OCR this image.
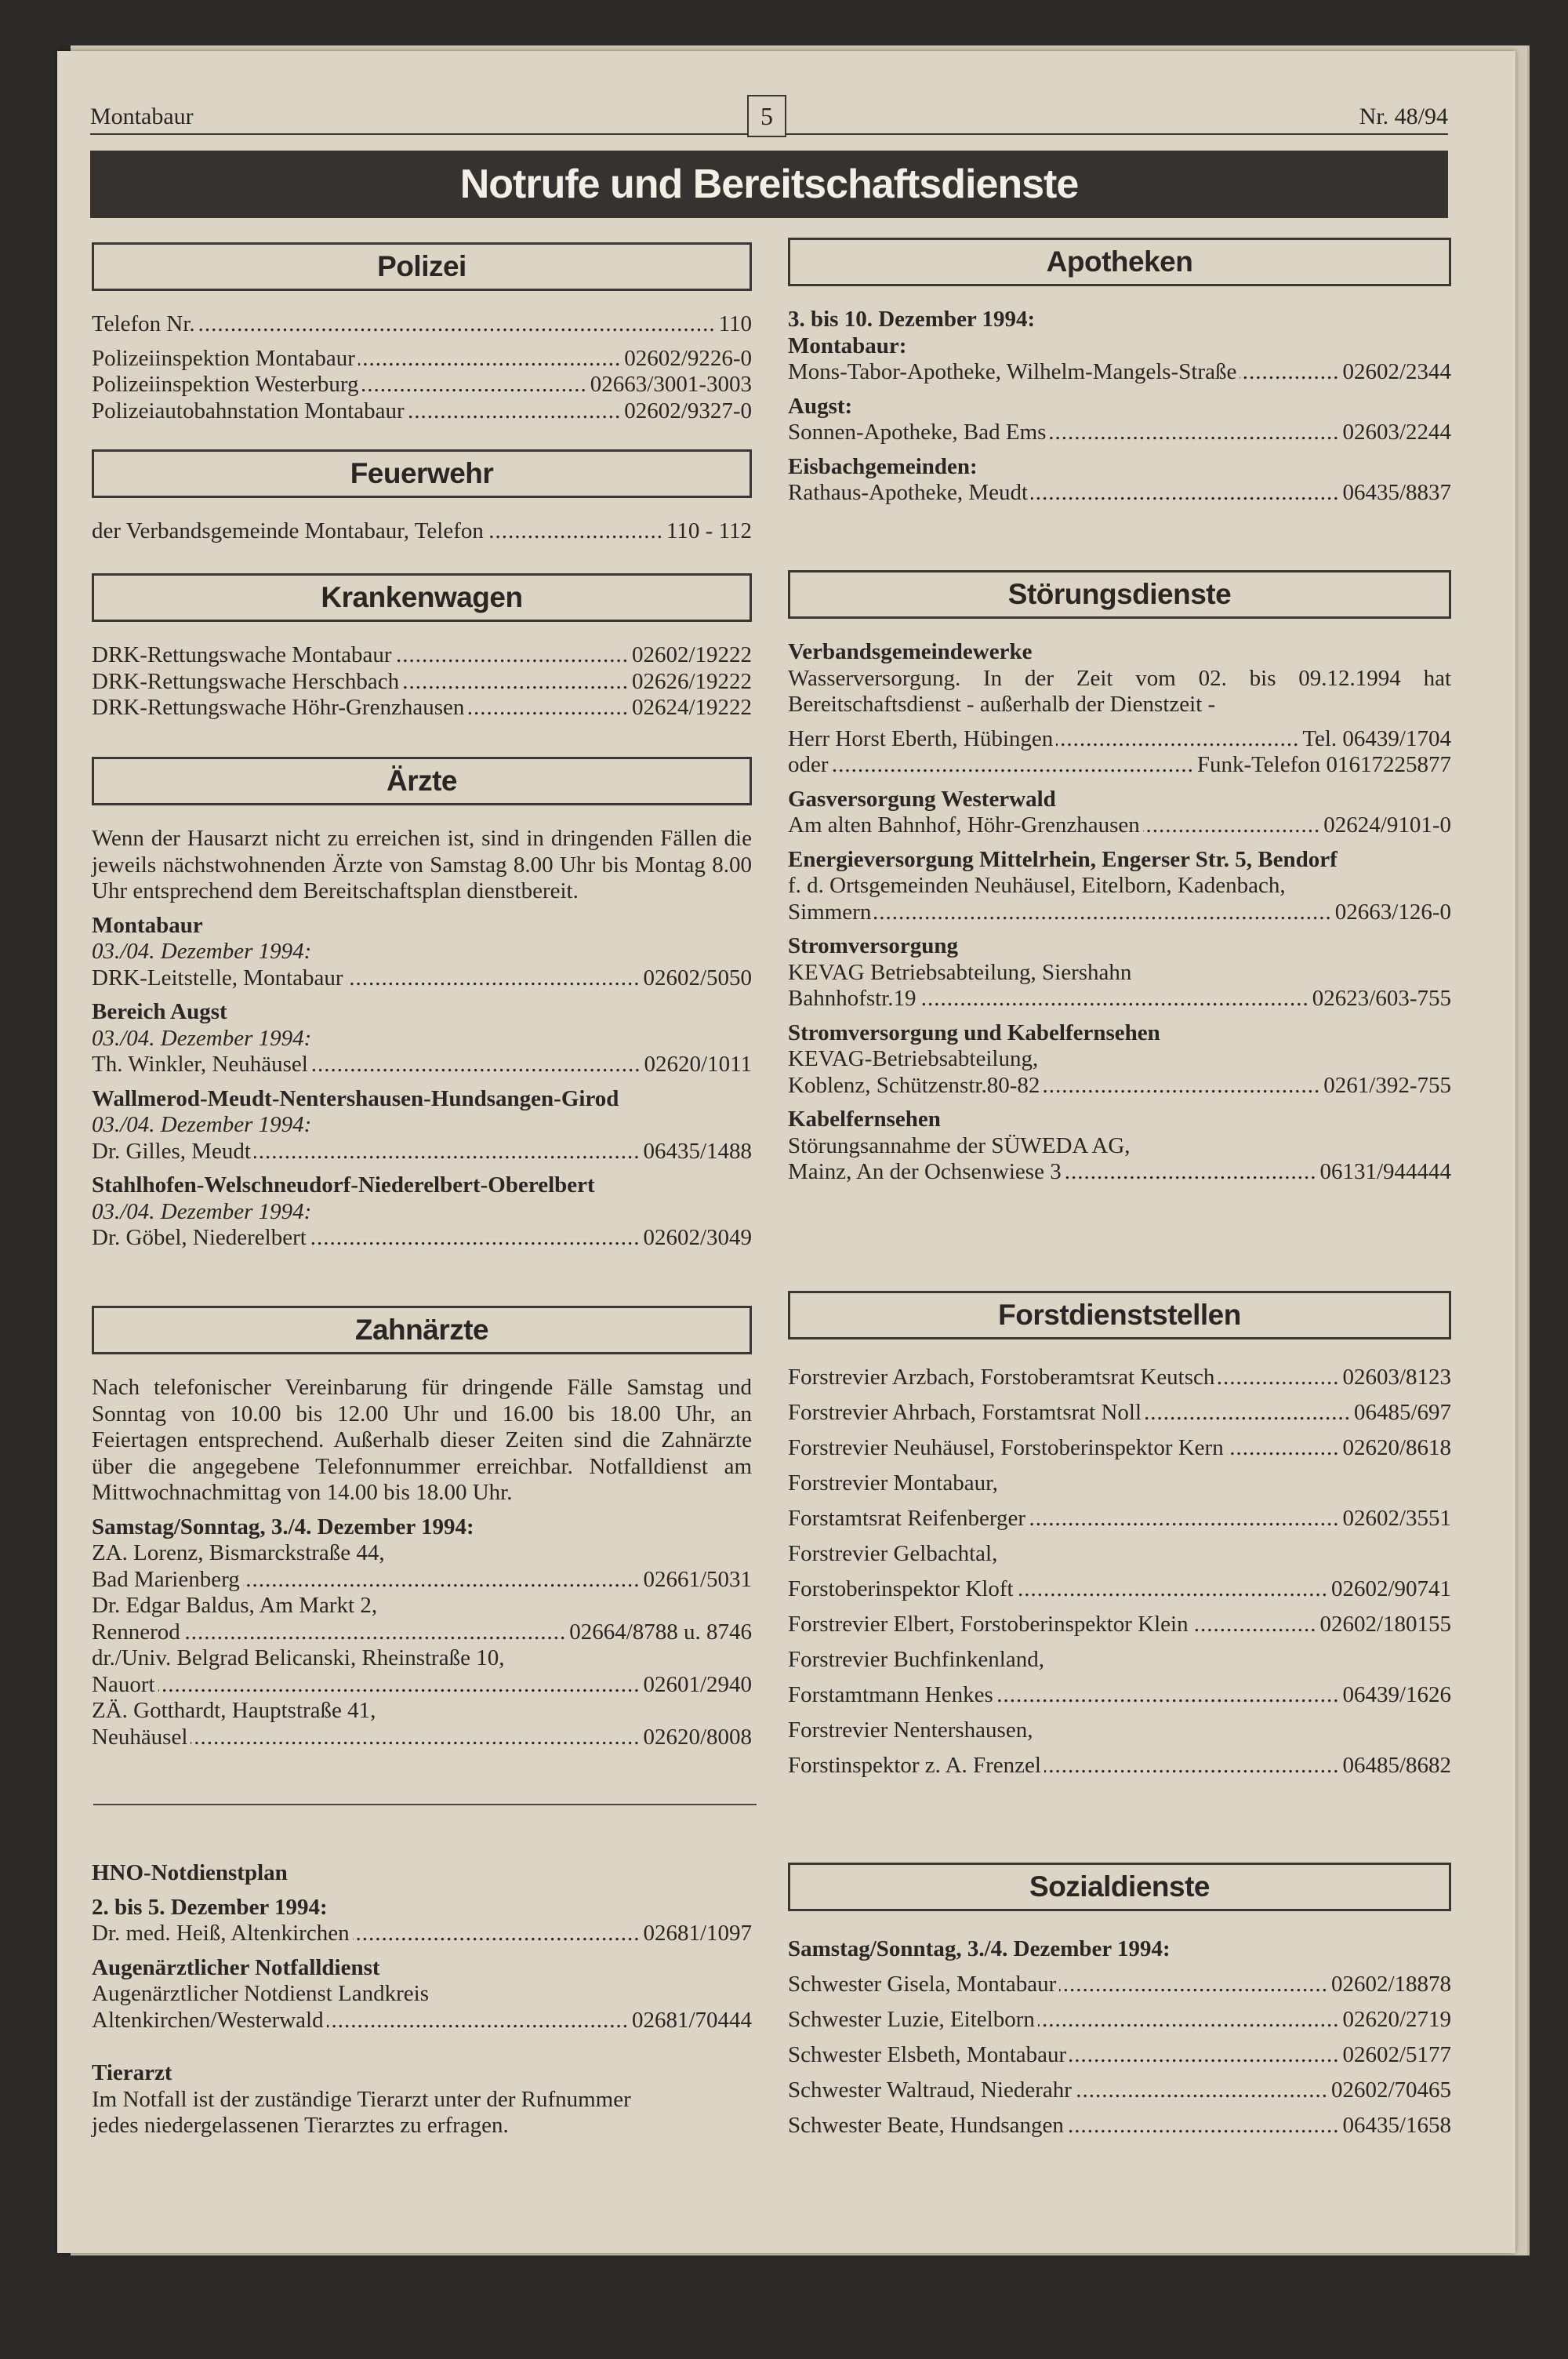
Montabaur	5	Nr. 48/94
Notrufe und Bereitschaftsdienste
Polizei
Telefon Nr. .....	110
Polizeiinspektion Montabaur .....	02602/9226-0
Polizeiinspektion Westerburg .....	02663/3001-3003
Polizeiautobahnstation Montabaur .....	02602/9327-0
Feuerwehr
der Verbandsgemeinde Montabaur, Telefon .....	110 - 112
Krankenwagen
DRK-Rettungswache Montabaur .....	02602/19222
DRK-Rettungswache Herschbach .....	02626/19222
DRK-Rettungswache Höhr-Grenzhausen .....	02624/19222
Ärzte
Wenn der Hausarzt nicht zu erreichen ist, sind in dringenden Fällen die jeweils nächstwohnenden Ärzte von Samstag 8.00 Uhr bis Montag 8.00 Uhr entsprechend dem Bereitschaftsplan dienstbereit.
Montabaur
03./04. Dezember 1994:
DRK-Leitstelle, Montabaur .....	02602/5050
Bereich Augst
03./04. Dezember 1994:
Th. Winkler, Neuhäusel .....	02620/1011
Wallmerod-Meudt-Nentershausen-Hundsangen-Girod
03./04. Dezember 1994:
Dr. Gilles, Meudt .....	06435/1488
Stahlhofen-Welschneudorf-Niederelbert-Oberelbert
03./04. Dezember 1994:
Dr. Göbel, Niederelbert .....	02602/3049
Zahnärzte
Nach telefonischer Vereinbarung für dringende Fälle Samstag und Sonntag von 10.00 bis 12.00 Uhr und 16.00 bis 18.00 Uhr, an Feiertagen entsprechend. Außerhalb dieser Zeiten sind die Zahnärzte über die angegebene Telefonnummer erreichbar. Notfalldienst am Mittwochnachmittag von 14.00 bis 18.00 Uhr.
Samstag/Sonntag, 3./4. Dezember 1994:
ZA. Lorenz, Bismarckstraße 44,
Bad Marienberg .....	02661/5031
Dr. Edgar Baldus, Am Markt 2,
Rennerod .....	02664/8788 u. 8746
dr./Univ. Belgrad Belicanski, Rheinstraße 10,
Nauort .....	02601/2940
ZÄ. Gotthardt, Hauptstraße 41,
Neuhäusel .....	02620/8008
HNO-Notdienstplan
2. bis 5. Dezember 1994:
Dr. med. Heiß, Altenkirchen .....	02681/1097
Augenärztlicher Notfalldienst
Augenärztlicher Notdienst Landkreis
Altenkirchen/Westerwald .....	02681/70444
Tierarzt
Im Notfall ist der zuständige Tierarzt unter der Rufnummer
jedes niedergelassenen Tierarztes zu erfragen.
Apotheken
3. bis 10. Dezember 1994:
Montabaur:
Mons-Tabor-Apotheke, Wilhelm-Mangels-Straße .....	02602/2344
Augst:
Sonnen-Apotheke, Bad Ems .....	02603/2244
Eisbachgemeinden:
Rathaus-Apotheke, Meudt .....	06435/8837
Störungsdienste
Verbandsgemeindewerke
Wasserversorgung. In der Zeit vom 02. bis 09.12.1994 hat Bereitschaftsdienst - außerhalb der Dienstzeit -
Herr Horst Eberth, Hübingen .....	Tel. 06439/1704
oder .....	Funk-Telefon 01617225877
Gasversorgung Westerwald
Am alten Bahnhof, Höhr-Grenzhausen .....	02624/9101-0
Energieversorgung Mittelrhein, Engerser Str. 5, Bendorf
f. d. Ortsgemeinden Neuhäusel, Eitelborn, Kadenbach,
Simmern .....	02663/126-0
Stromversorgung
KEVAG Betriebsabteilung, Siershahn
Bahnhofstr.19 .....	02623/603-755
Stromversorgung und Kabelfernsehen
KEVAG-Betriebsabteilung,
Koblenz, Schützenstr.80-82 .....	0261/392-755
Kabelfernsehen
Störungsannahme der SÜWEDA AG,
Mainz, An der Ochsenwiese 3 .....	06131/944444
Forstdienststellen
Forstrevier Arzbach, Forstoberamtsrat Keutsch .....	02603/8123
Forstrevier Ahrbach, Forstamtsrat Noll .....	06485/697
Forstrevier Neuhäusel, Forstoberinspektor Kern .....	02620/8618
Forstrevier Montabaur,
Forstamtsrat Reifenberger .....	02602/3551
Forstrevier Gelbachtal,
Forstoberinspektor Kloft .....	02602/90741
Forstrevier Elbert, Forstoberinspektor Klein .....	02602/180155
Forstrevier Buchfinkenland,
Forstamtmann Henkes .....	06439/1626
Forstrevier Nentershausen,
Forstinspektor z. A. Frenzel .....	06485/8682
Sozialdienste
Samstag/Sonntag, 3./4. Dezember 1994:
Schwester Gisela, Montabaur .....	02602/18878
Schwester Luzie, Eitelborn .....	02620/2719
Schwester Elsbeth, Montabaur .....	02602/5177
Schwester Waltraud, Niederahr .....	02602/70465
Schwester Beate, Hundsangen .....	06435/1658
